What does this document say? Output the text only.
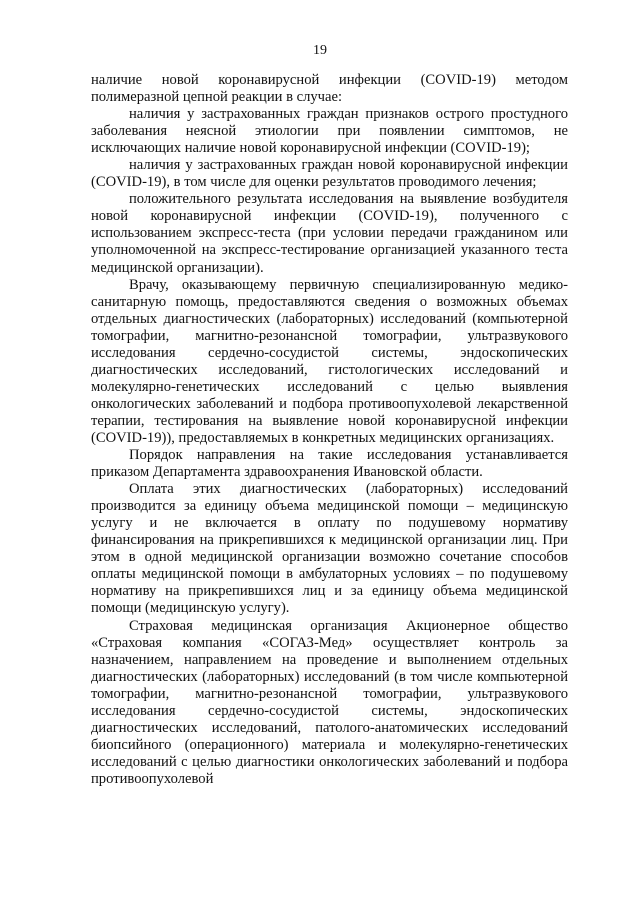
19

наличие новой коронавирусной инфекции (COVID-19) методом полимеразной цепной реакции в случае:

наличия у застрахованных граждан признаков острого простудного заболевания неясной этиологии при появлении симптомов, не исключающих наличие новой коронавирусной инфекции (COVID-19);

наличия у застрахованных граждан новой коронавирусной инфекции (COVID-19), в том числе для оценки результатов проводимого лечения;

положительного результата исследования на выявление возбудителя новой коронавирусной инфекции (COVID-19), полученного с использованием экспресс-теста (при условии передачи гражданином или уполномоченной на экспресс-тестирование организацией указанного теста медицинской организации).

Врачу, оказывающему первичную специализированную медико-санитарную помощь, предоставляются сведения о возможных объемах отдельных диагностических (лабораторных) исследований (компьютерной томографии, магнитно-резонансной томографии, ультразвукового исследования сердечно-сосудистой системы, эндоскопических диагностических исследований, гистологических исследований и молекулярно-генетических исследований с целью выявления онкологических заболеваний и подбора противоопухолевой лекарственной терапии, тестирования на выявление новой коронавирусной инфекции (COVID-19)), предоставляемых в конкретных медицинских организациях.

Порядок направления на такие исследования устанавливается приказом Департамента здравоохранения Ивановской области.

Оплата этих диагностических (лабораторных) исследований производится за единицу объема медицинской помощи – медицинскую услугу и не включается в оплату по подушевому нормативу финансирования на прикрепившихся к медицинской организации лиц. При этом в одной медицинской организации возможно сочетание способов оплаты медицинской помощи в амбулаторных условиях – по подушевому нормативу на прикрепившихся лиц и за единицу объема медицинской помощи (медицинскую услугу).

Страховая медицинская организация Акционерное общество «Страховая компания «СОГАЗ-Мед» осуществляет контроль за назначением, направлением на проведение и выполнением отдельных диагностических (лабораторных) исследований (в том числе компьютерной томографии, магнитно-резонансной томографии, ультразвукового исследования сердечно-сосудистой системы, эндоскопических диагностических исследований, патолого-анатомических исследований биопсийного (операционного) материала и молекулярно-генетических исследований с целью диагностики онкологических заболеваний и подбора противоопухолевой
